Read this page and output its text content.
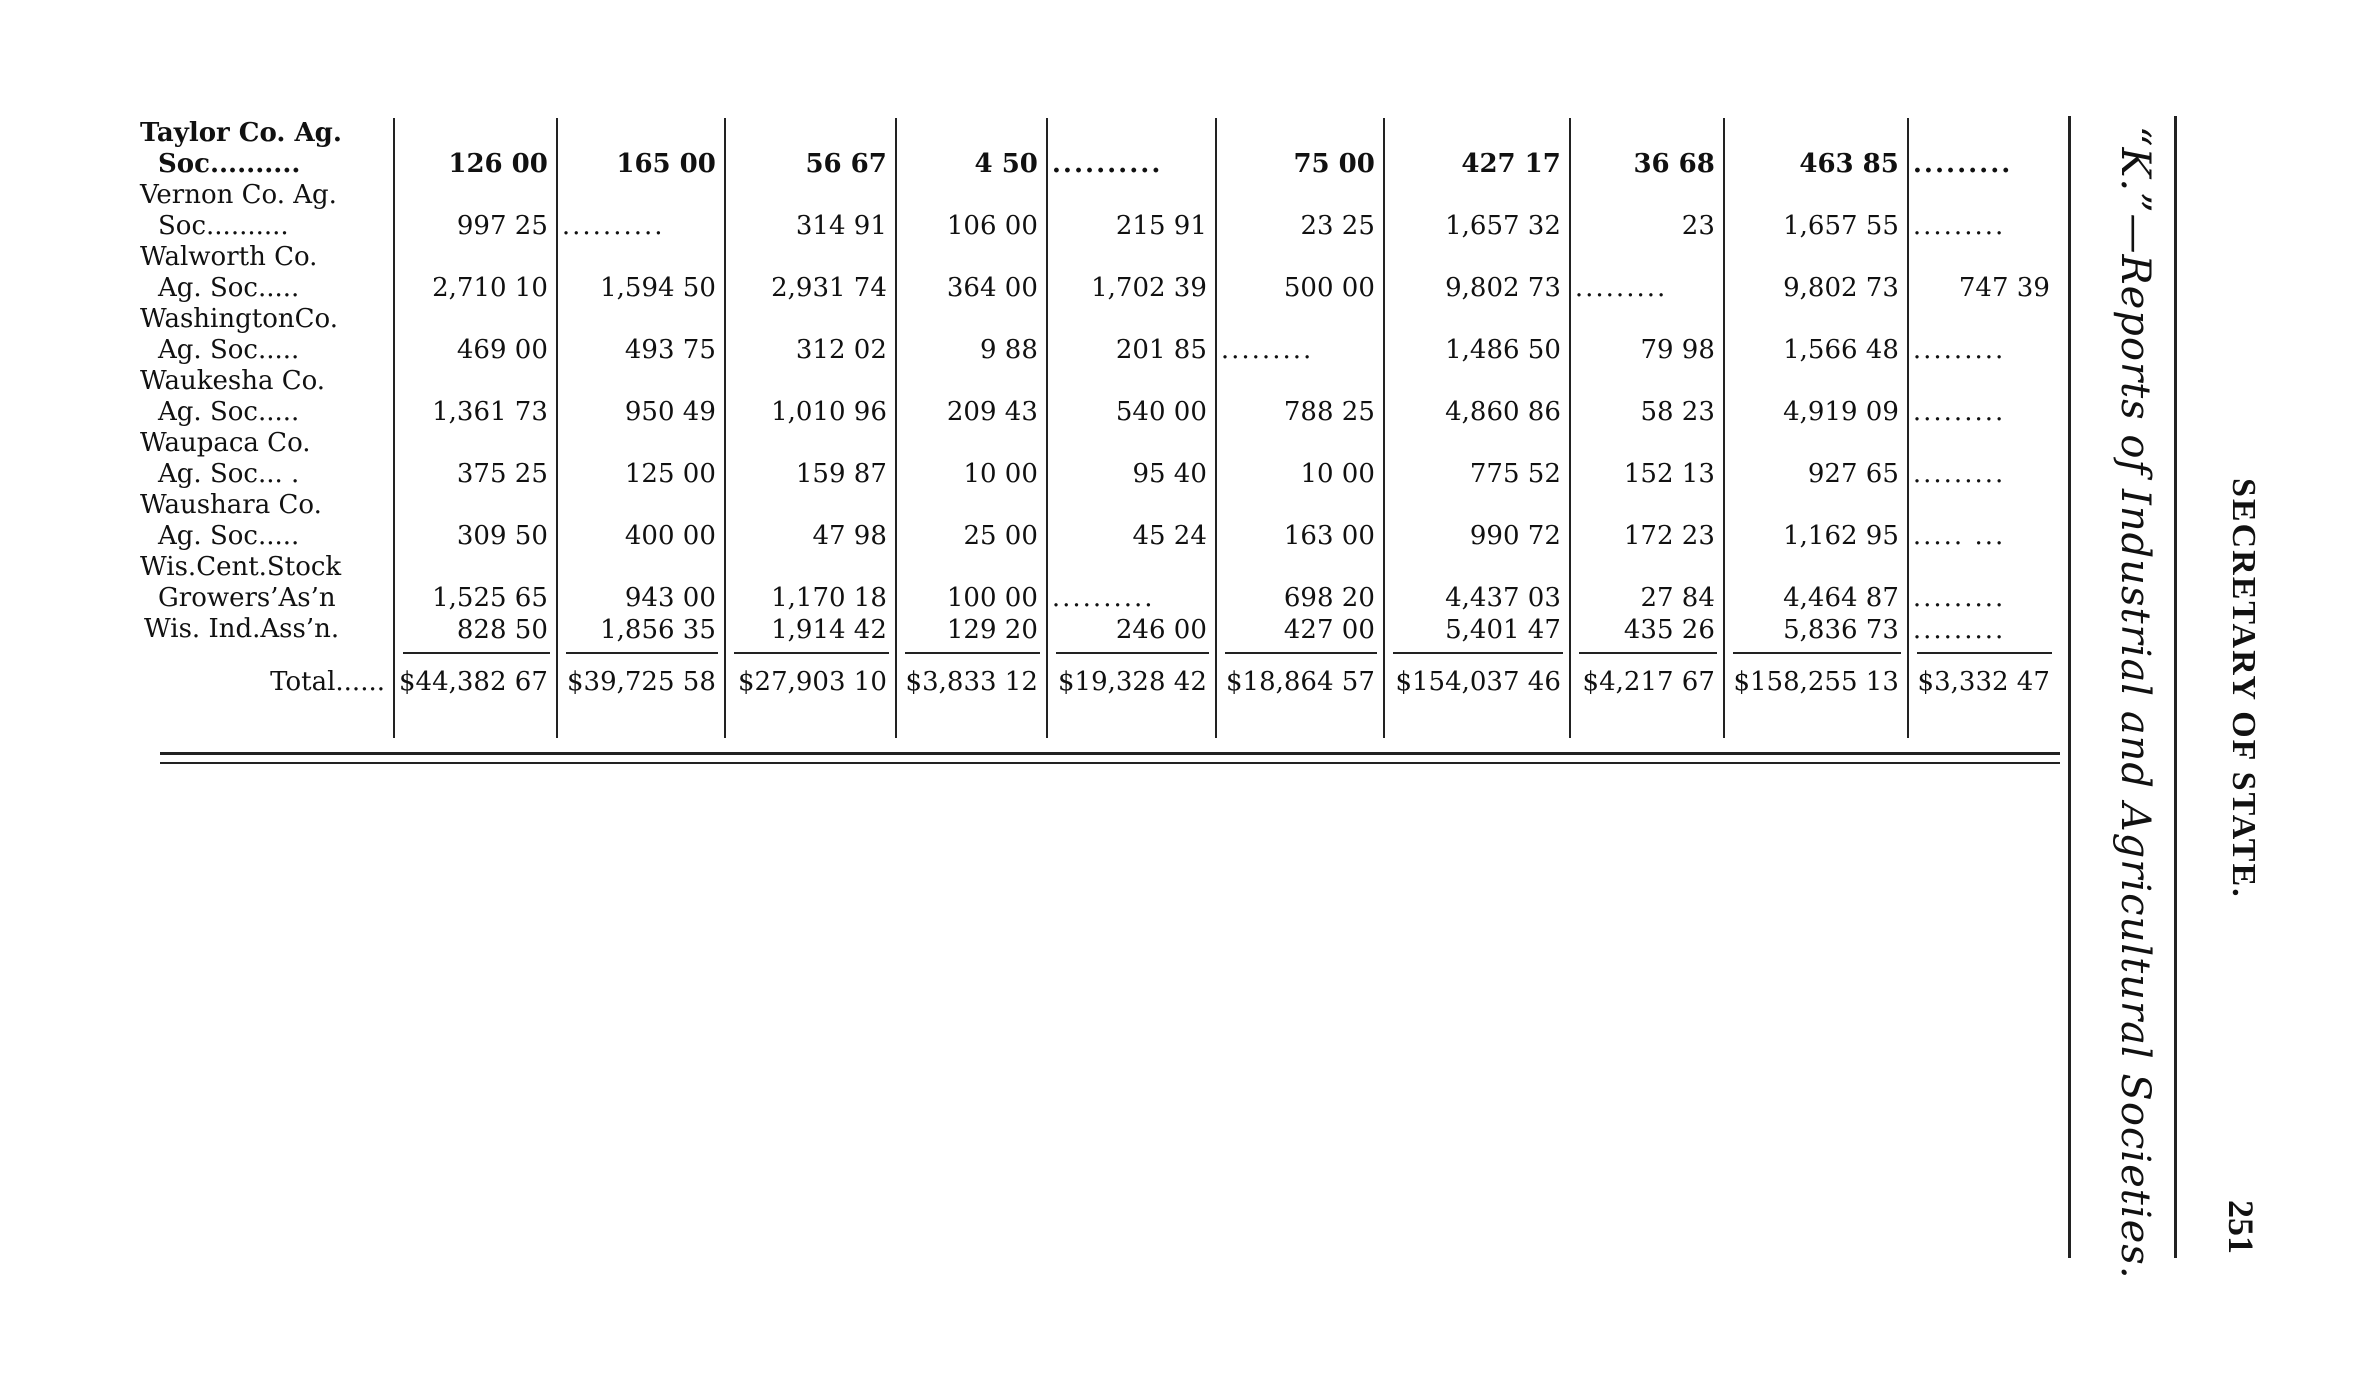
Taylor Co. Ag.
Soc..........	126 00	165 00	56 67	4 50	..........	75 00	427 17	36 68	463 85	.........

Vernon Co. Ag.
Soc..........	997 25	..........	314 91	106 00	215 91	23 25	1,657 32	23	1,657 55	.........

Walworth Co.
Ag. Soc.....	2,710 10	1,594 50	2,931 74	364 00	1,702 39	500 00	9,802 73	.........	9,802 73	747 39

WashingtonCo.
Ag. Soc.....	469 00	493 75	312 02	9 88	201 85	.........	1,486 50	79 98	1,566 48	.........

Waukesha Co.
Ag. Soc.....	1,361 73	950 49	1,010 96	209 43	540 00	788 25	4,860 86	58 23	4,919 09	.........

Waupaca Co.
Ag. Soc... .	375 25	125 00	159 87	10 00	95 40	10 00	775 52	152 13	927 65	.........

Waushara Co.
Ag. Soc.....	309 50	400 00	47 98	25 00	45 24	163 00	990 72	172 23	1,162 95	..... ...

Wis.Cent.Stock
Growers’As’n	1,525 65	943 00	1,170 18	100 00	..........	698 20	4,437 03	27 84	4,464 87	.........

Wis. Ind.Ass’n.	828 50	1,856 35	1,914 42	129 20	246 00	427 00	5,401 47	435 26	5,836 73	.........

Total......	$44,382 67	$39,725 58	$27,903 10	$3,833 12	$19,328 42	$18,864 57	$154,037 46	$4,217 67	$158,255 13	$3,332 47
										“K.”—Reports of Industrial and Agricultural Societies. SECRETARY OF STATE.
251
